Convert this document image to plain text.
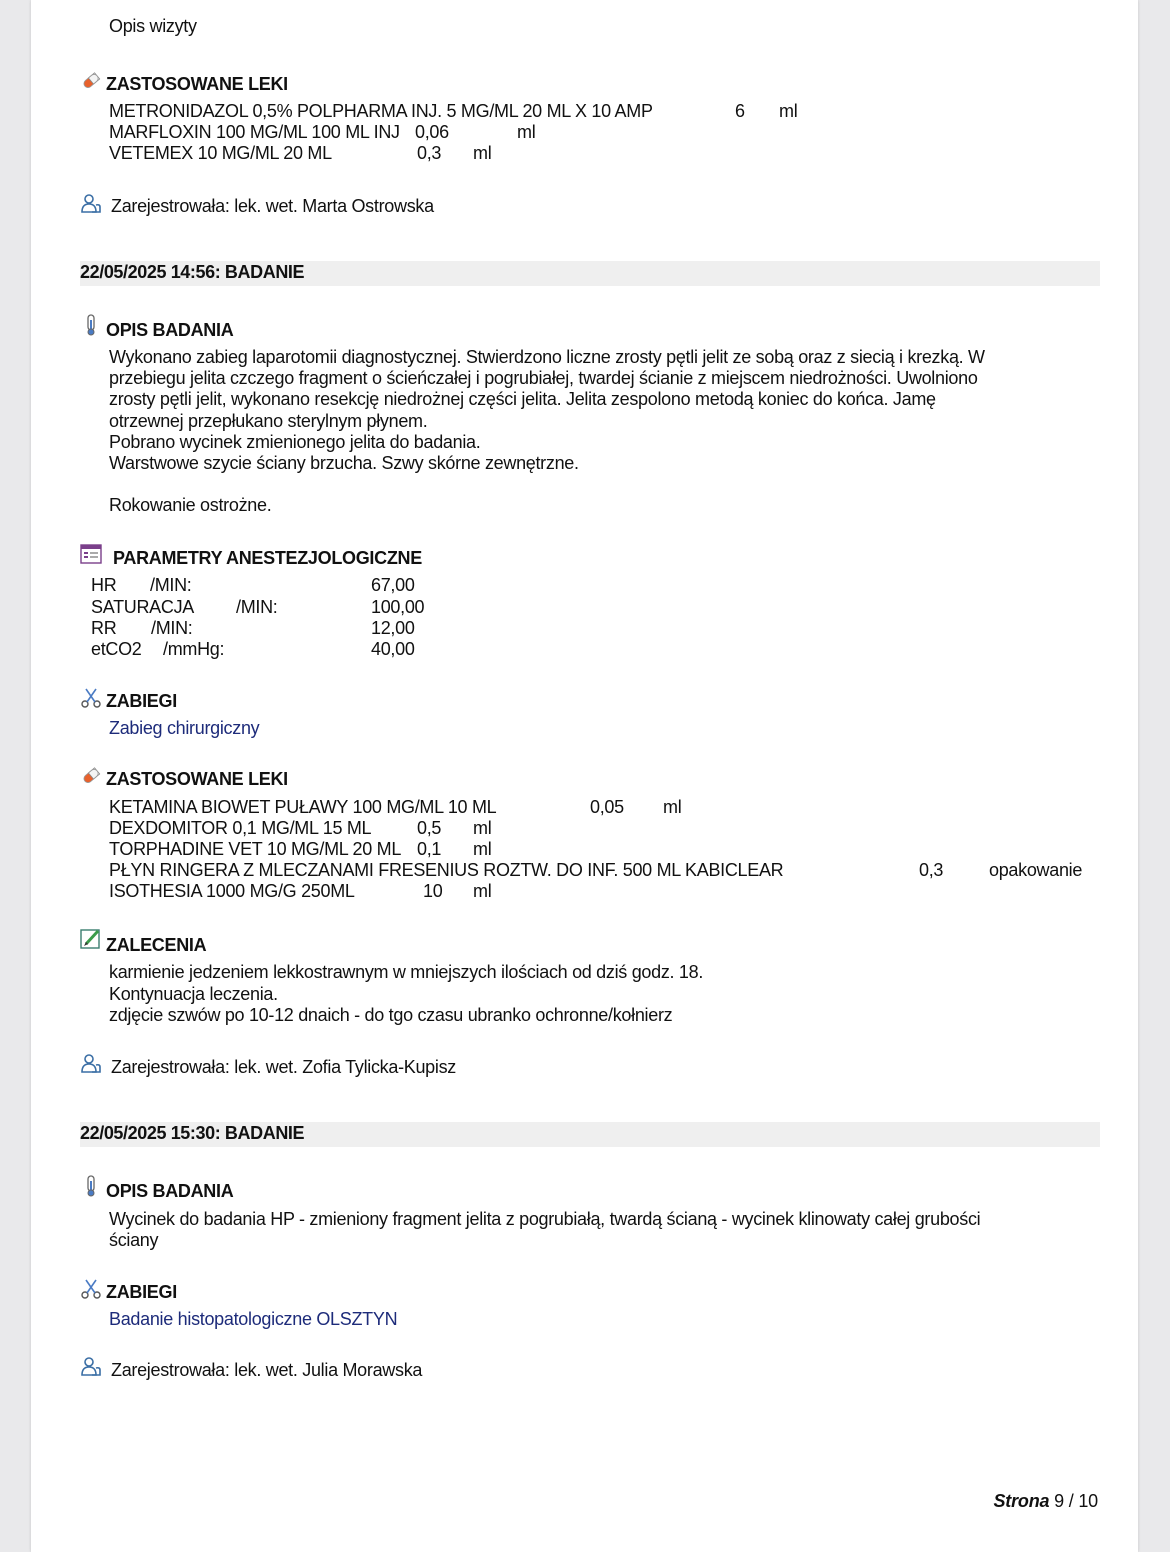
Opis wizyty
ZASTOSOWANE LEKI
METRONIDAZOL 0,5% POLPHARMA INJ. 5 MG/ML 20 ML X 10 AMP	6 ml
MARFLOXIN 100 MG/ML 100 ML INJ 0,06	ml
VETEMEX 10 MG/ML 20 ML	0,3 ml
Zarejestrowała: lek. wet. Marta Ostrowska
22/05/2025 14:56: BADANIE
OPIS BADANIA
Wykonano zabieg laparotomii diagnostycznej. Stwierdzono liczne zrosty pętli jelit ze sobą oraz z siecią i krezką. W
przebiegu jelita czczego fragment o ścieńczałej i pogrubiałej, twardej ścianie z miejscem niedrożności. Uwolniono
zrosty pętli jelit, wykonano resekcję niedrożnej części jelita. Jelita zespolono metodą koniec do końca. Jamę
otrzewnej przepłukano sterylnym płynem.
Pobrano wycinek zmienionego jelita do badania.
Warstwowe szycie ściany brzucha. Szwy skórne zewnętrzne.
Rokowanie ostrożne.
PARAMETRY ANESTEZJOLOGICZNE
HR /MIN:	67,00
SATURACJA /MIN:	100,00
RR /MIN:	12,00
etCO2 /mmHg:	40,00
ZABIEGI
Zabieg chirurgiczny
ZASTOSOWANE LEKI
KETAMINA BIOWET PUŁAWY 100 MG/ML 10 ML	0,05 ml
DEXDOMITOR 0,1 MG/ML 15 ML	0,5 ml
TORPHADINE VET 10 MG/ML 20 ML 0,1 ml
PŁYN RINGERA Z MLECZANAMI FRESENIUS ROZTW. DO INF. 500 ML KABICLEAR	0,3	opakowanie
ISOTHESIA 1000 MG/G 250ML	10 ml
ZALECENIA
karmienie jedzeniem lekkostrawnym w mniejszych ilościach od dziś godz. 18.
Kontynuacja leczenia.
zdjęcie szwów po 10-12 dnaich - do tgo czasu ubranko ochronne/kołnierz
Zarejestrowała: lek. wet. Zofia Tylicka-Kupisz
22/05/2025 15:30: BADANIE
OPIS BADANIA
Wycinek do badania HP - zmieniony fragment jelita z pogrubiałą, twardą ścianą - wycinek klinowaty całej grubości
ściany
ZABIEGI
Badanie histopatologiczne OLSZTYN
Zarejestrowała: lek. wet. Julia Morawska
Strona 9 / 10
